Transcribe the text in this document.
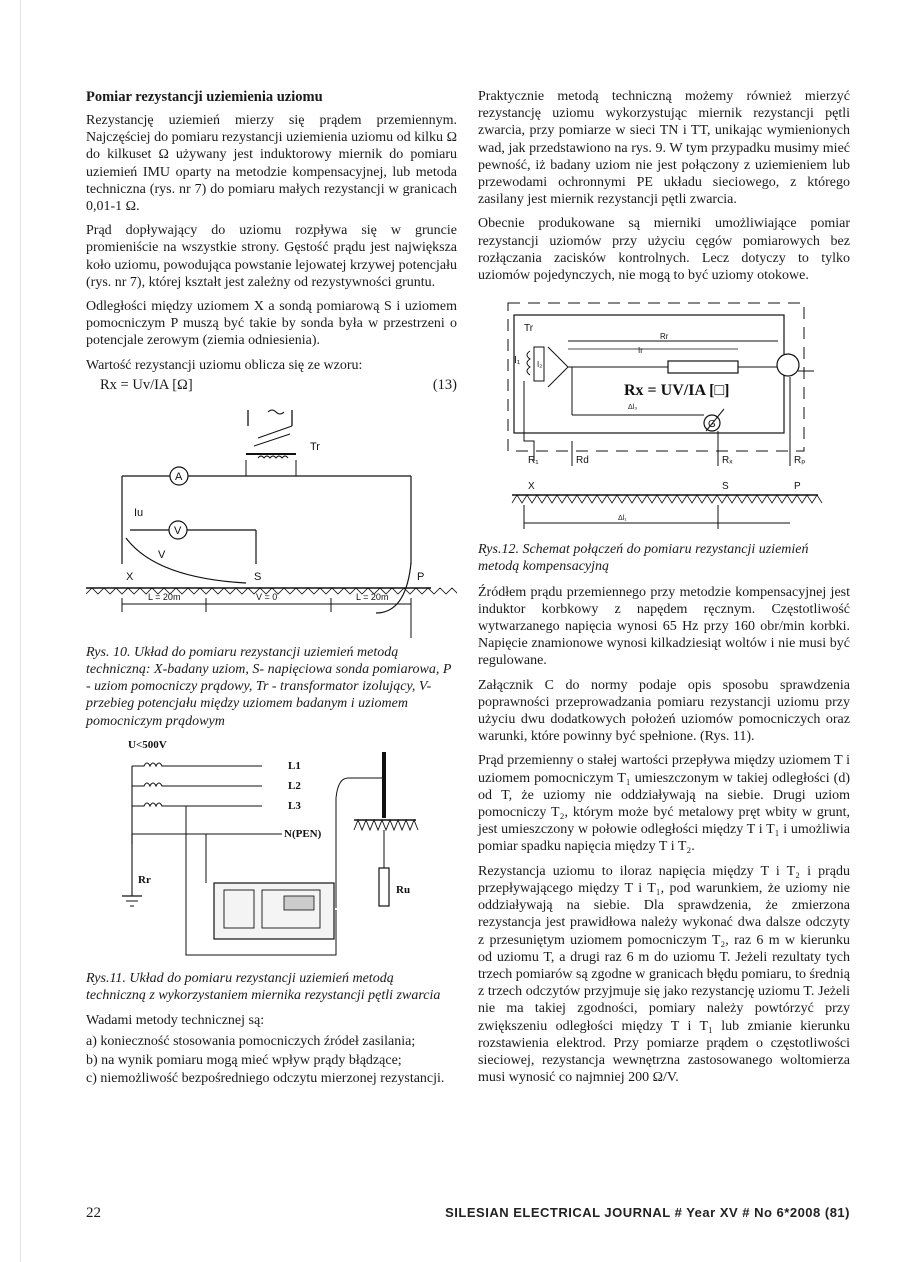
Pomiar rezystancji uziemienia uziomu

Rezystancję uziemień mierzy się prądem przemiennym. Najczęściej do pomiaru rezystancji uziemienia uziomu od kilku Ω do kilkuset Ω używany jest induktorowy miernik do pomiaru uziemień IMU oparty na metodzie kompensacyjnej, lub metoda techniczna (rys. nr 7) do pomiaru małych rezystancji w granicach 0,01-1 Ω.

Prąd dopływający do uziomu rozpływa się w gruncie promieniście na wszystkie strony. Gęstość prądu jest największa koło uziomu, powodująca powstanie lejowatej krzywej potencjału (rys. nr 7), której kształt jest zależny od rezystywności gruntu.

Odległości między uziomem X a sondą pomiarową S i uziomem pomocniczym P muszą być takie by sonda była w przestrzeni o potencjale zerowym (ziemia odniesienia).

Wartość rezystancji uziomu oblicza się ze wzoru:

Rx = Uv/IA [Ω]	(13)
Tr
A
Iu
V
V
X	S	P
L = 20m	V = 0	L = 20m

Rys. 10. Układ do pomiaru rezystancji uziemień metodą techniczną: X-badany uziom, S- napięciowa sonda pomiarowa, P - uziom pomocniczy prądowy, Tr - transformator izolujący, V-przebieg potencjału między uziomem badanym i uziomem pomocniczym prądowym

U<500V
L1
L2
L3
N(PEN)
Rr
Ru

Rys.11. Układ do pomiaru rezystancji uziemień metodą techniczną z wykorzystaniem miernika rezystancji pętli zwarcia

Wadami metody technicznej są:

a) konieczność stosowania pomocniczych źródeł zasilania;
b) na wynik pomiaru mogą mieć wpływ prądy błądzące;
c) niemożliwość bezpośredniego odczytu mierzonej rezystancji.

Praktycznie metodą techniczną możemy również mierzyć rezystancję uziomu wykorzystując miernik rezystancji pętli zwarcia, przy pomiarze w sieci TN i TT, unikając wymienionych wad, jak przedstawiono na rys. 9. W tym przypadku musimy mieć pewność, iż badany uziom nie jest połączony z uziemieniem lub przewodami ochronnymi PE układu sieciowego, z którego zasilany jest miernik rezystancji pętli zwarcia.

Obecnie produkowane są mierniki umożliwiające pomiar rezystancji uziomów przy użyciu cęgów pomiarowych bez rozłączania zacisków kontrolnych. Lecz dotyczy to tylko uziomów pojedynczych, nie mogą to być uziomy otokowe.

Tr
I₁ I₂
Rr
Ir
Rx = UV/IA [□]
Δl₃
G
R₁	Rd	Rₓ	Rₚ
X	S	P
Δl₁

Rys.12. Schemat połączeń do pomiaru rezystancji uziemień metodą kompensacyjną

Źródłem prądu przemiennego przy metodzie kompensacyjnej jest induktor korbkowy z napędem ręcznym. Częstotliwość wytwarzanego napięcia wynosi 65 Hz przy 160 obr/min korbki. Napięcie znamionowe wynosi kilkadziesiąt woltów i nie musi być regulowane.

Załącznik C do normy podaje opis sposobu sprawdzenia poprawności przeprowadzania pomiaru rezystancji uziomu przy użyciu dwu dodatkowych położeń uziomów pomocniczych oraz warunki, które powinny być spełnione. (Rys. 11).

Prąd przemienny o stałej wartości przepływa między uziomem T i uziomem pomocniczym T₁ umieszczonym w takiej odległości (d) od T, że uziomy nie oddziaływają na siebie. Drugi uziom pomocniczy T₂, którym może być metalowy pręt wbity w grunt, jest umieszczony w połowie odległości między T i T₁ i umożliwia pomiar spadku napięcia między T i T₂.

Rezystancja uziomu to iloraz napięcia między T i T₂ i prądu przepływającego między T i T₁, pod warunkiem, że uziomy nie oddziaływają na siebie. Dla sprawdzenia, że zmierzona rezystancja jest prawidłowa należy wykonać dwa dalsze odczyty z przesuniętym uziomem pomocniczym T₂, raz 6 m w kierunku od uziomu T, a drugi raz 6 m do uziomu T. Jeżeli rezultaty tych trzech pomiarów są zgodne w granicach błędu pomiaru, to średnią z trzech odczytów przyjmuje się jako rezystancję uziomu T. Jeżeli nie ma takiej zgodności, pomiary należy powtórzyć przy zwiększeniu odległości między T i T₁ lub zmianie kierunku rozstawienia elektrod. Przy pomiarze prądem o częstotliwości sieciowej, rezystancja wewnętrzna zastosowanego woltomierza musi wynosić co najmniej 200 Ω/V.

22	SILESIAN ELECTRICAL JOURNAL # Year XV # No 6*2008 (81)
